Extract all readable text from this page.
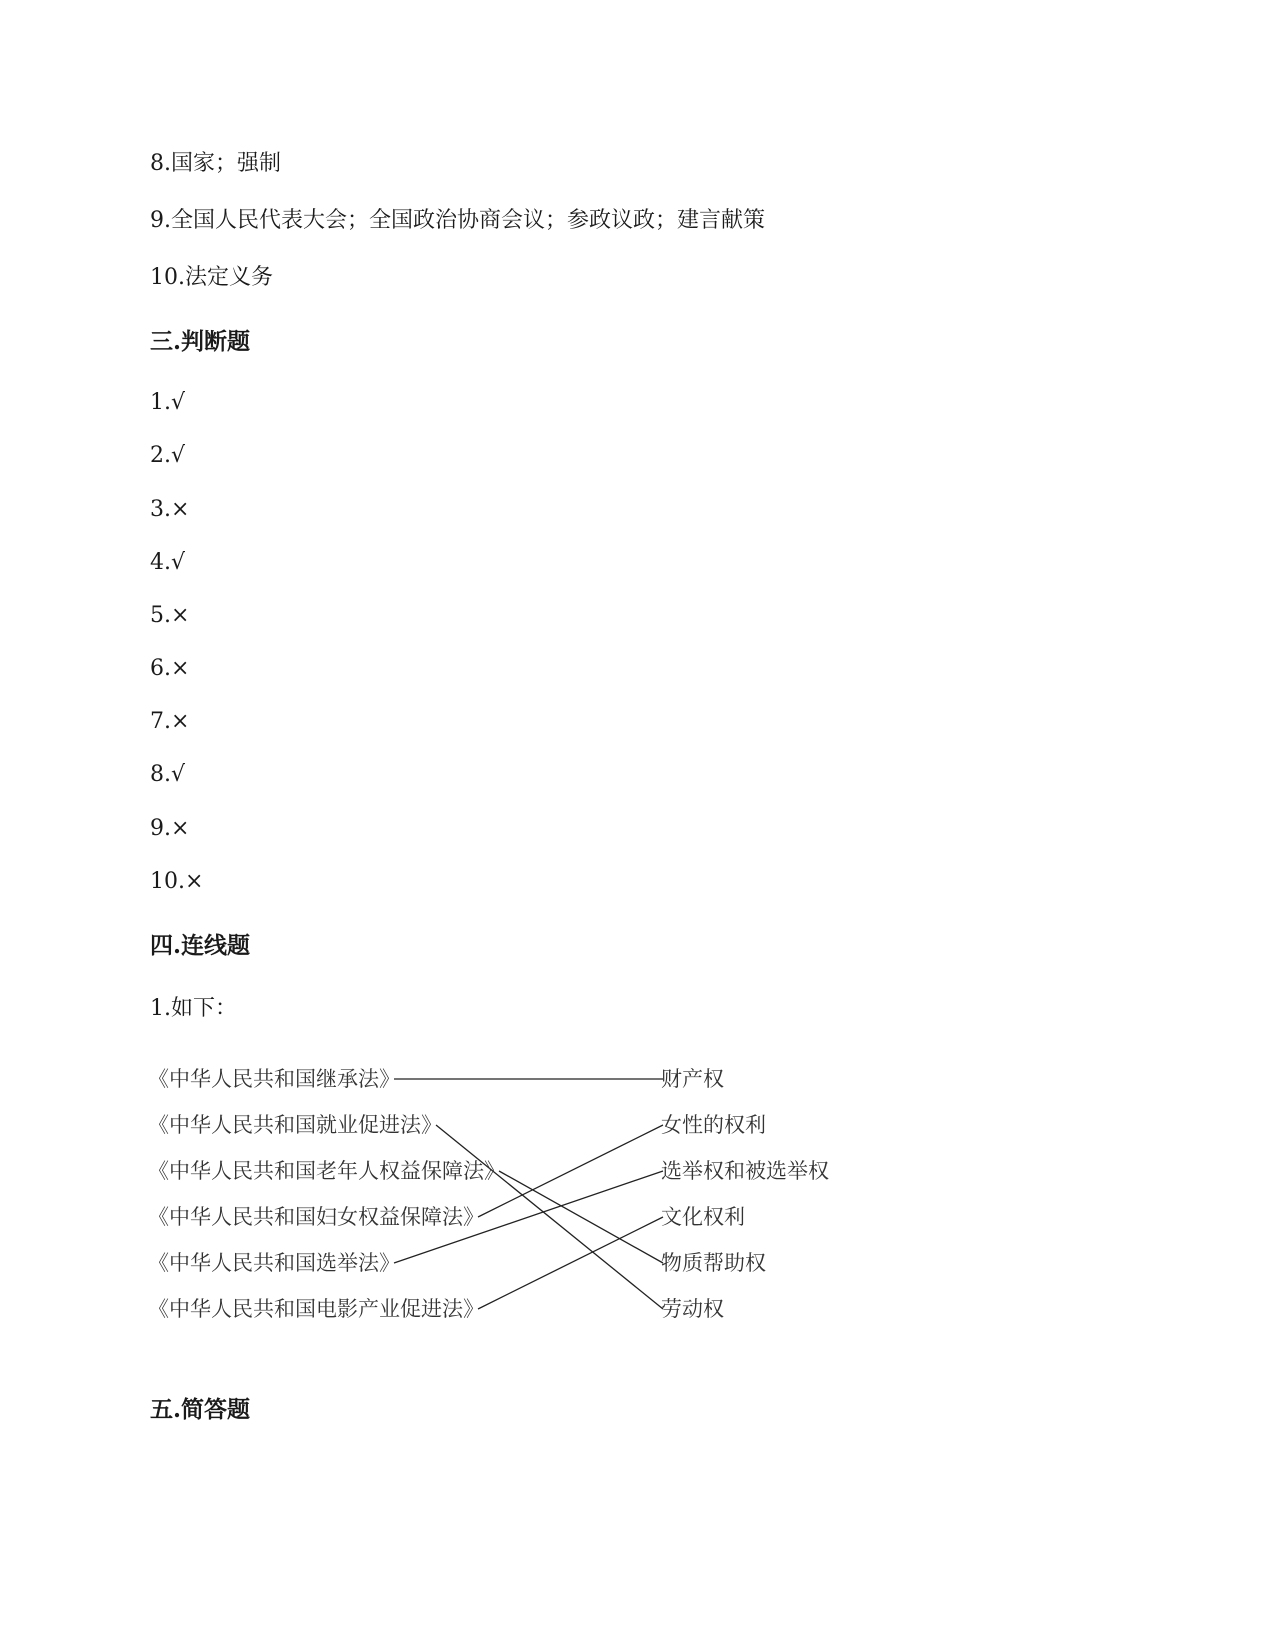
8.国家；强制
9.全国人民代表大会；全国政治协商会议；参政议政；建言献策
10.法定义务
三.判断题
1.√
2.√
3.×
4.√
5.×
6.×
7.×
8.√
9.×
10.×
四.连线题
1.如下：
《中华人民共和国继承法》
《中华人民共和国就业促进法》
《中华人民共和国老年人权益保障法》
《中华人民共和国妇女权益保障法》
《中华人民共和国选举法》
《中华人民共和国电影产业促进法》
财产权
女性的权利
选举权和被选举权
文化权利
物质帮助权
劳动权
五.简答题
